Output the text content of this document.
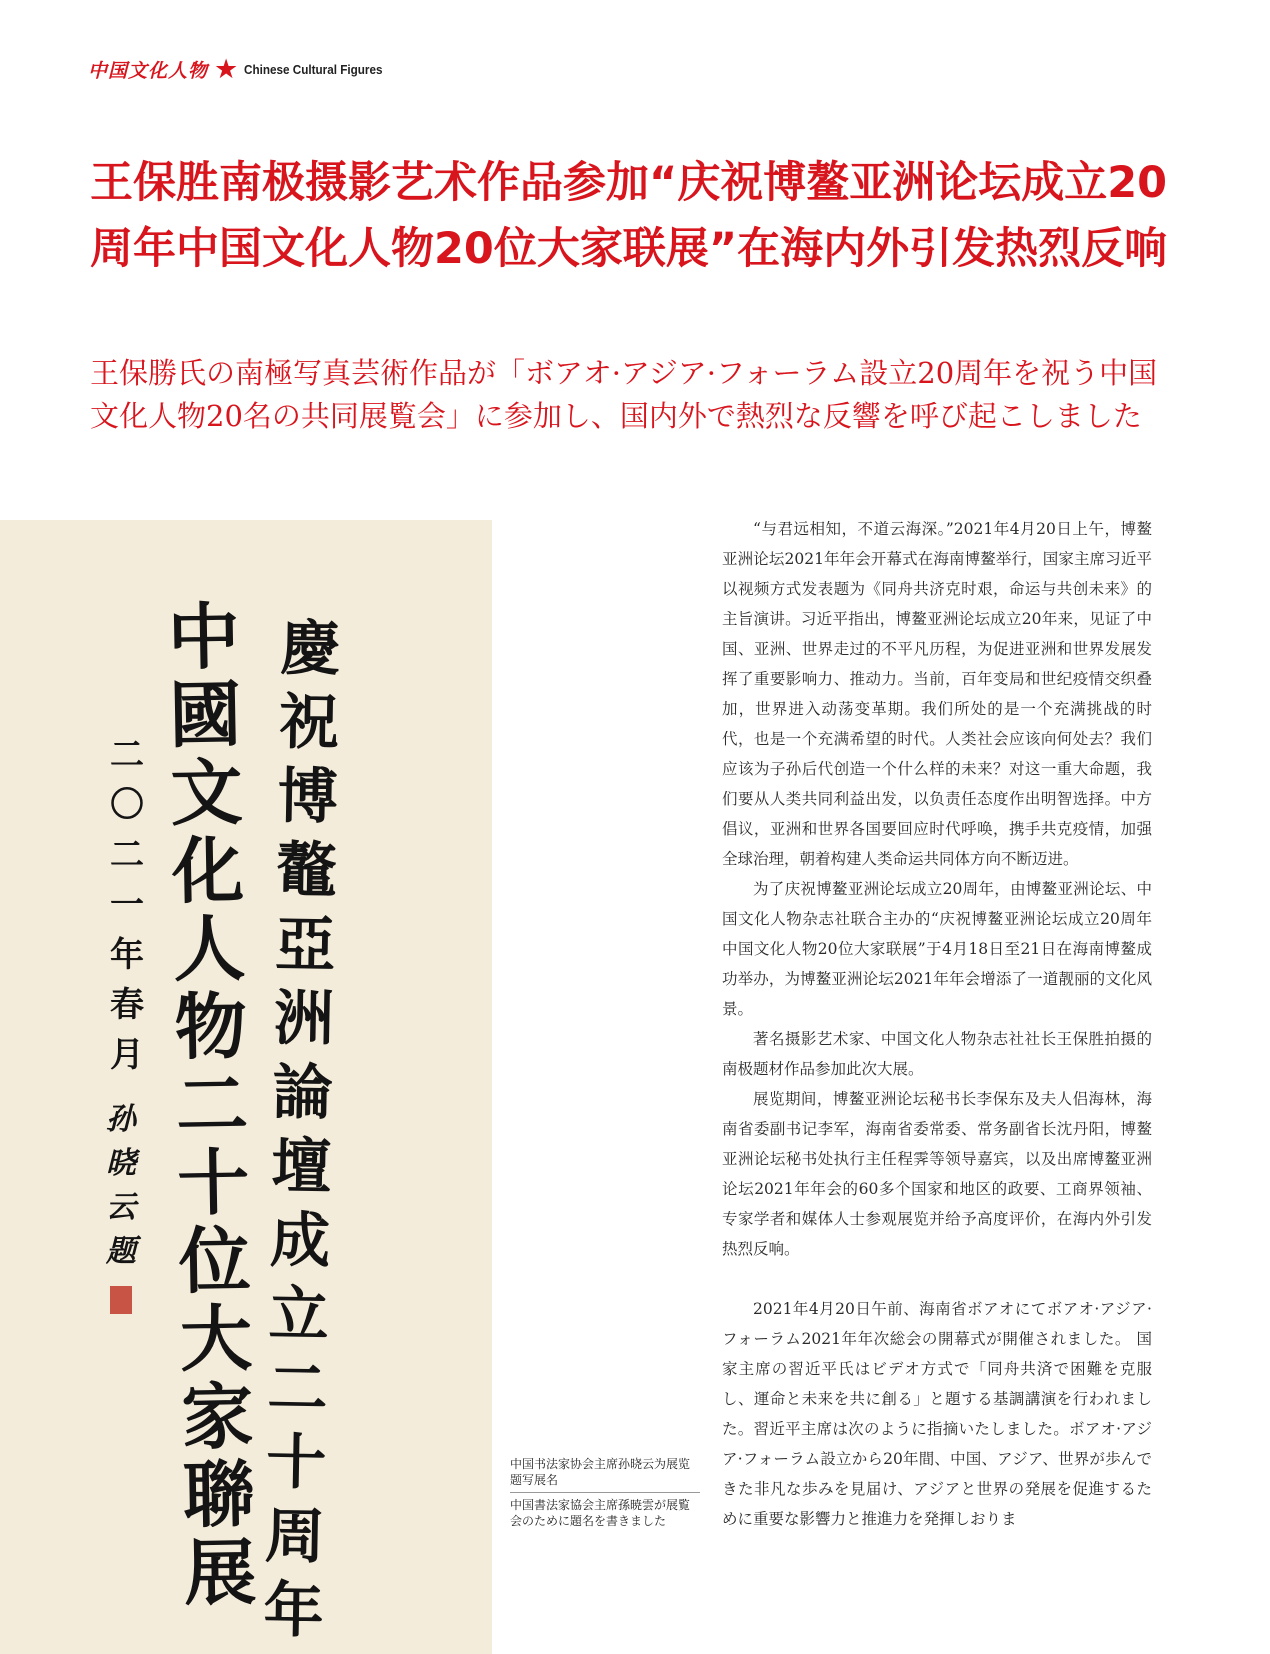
中国文化人物 ★ Chinese Cultural Figures
王保胜南极摄影艺术作品参加“庆祝博鳌亚洲论坛成立20周年中国文化人物20位大家联展”在海内外引发热烈反响
王保勝氏の南極写真芸術作品が「ボアオ·アジア·フォーラム設立20周年を祝う中国文化人物20名の共同展覧会」に参加し、国内外で熱烈な反響を呼び起こしました
慶
祝
博
鼇
亞
洲
論
壇
成
立
二
十
周
年
中
國
文
化
人
物
二
十
位
大
家
聯
展
二
〇
二
一
年
春
月
孙
晓
云
题
中国书法家协会主席孙晓云为展览题写展名
中国書法家協会主席孫暁雲が展覧会のために題名を書きました

“与君远相知，不道云海深。”2021年4月20日上午，博鳌亚洲论坛2021年年会开幕式在海南博鳌举行，国家主席习近平以视频方式发表题为《同舟共济克时艰，命运与共创未来》的主旨演讲。习近平指出，博鳌亚洲论坛成立20年来，见证了中国、亚洲、世界走过的不平凡历程，为促进亚洲和世界发展发挥了重要影响力、推动力。当前，百年变局和世纪疫情交织叠加，世界进入动荡变革期。我们所处的是一个充满挑战的时代，也是一个充满希望的时代。人类社会应该向何处去？我们应该为子孙后代创造一个什么样的未来？对这一重大命题，我们要从人类共同利益出发，以负责任态度作出明智选择。中方倡议，亚洲和世界各国要回应时代呼唤，携手共克疫情，加强全球治理，朝着构建人类命运共同体方向不断迈进。

为了庆祝博鳌亚洲论坛成立20周年，由博鳌亚洲论坛、中国文化人物杂志社联合主办的“庆祝博鳌亚洲论坛成立20周年中国文化人物20位大家联展”于4月18日至21日在海南博鳌成功举办，为博鳌亚洲论坛2021年年会增添了一道靓丽的文化风景。

著名摄影艺术家、中国文化人物杂志社社长王保胜拍摄的南极题材作品参加此次大展。

展览期间，博鳌亚洲论坛秘书长李保东及夫人侣海林，海南省委副书记李军，海南省委常委、常务副省长沈丹阳，博鳌亚洲论坛秘书处执行主任程霁等领导嘉宾，以及出席博鳌亚洲论坛2021年年会的60多个国家和地区的政要、工商界领袖、专家学者和媒体人士参观展览并给予高度评价，在海内外引发热烈反响。

2021年4月20日午前、海南省ボアオにてボアオ·アジア·フォーラム2021年年次総会の開幕式が開催されました。 国家主席の習近平氏はビデオ方式で「同舟共済で困難を克服し、運命と未来を共に創る」と題する基調講演を行われました。習近平主席は次のように指摘いたしました。ボアオ·アジア·フォーラム設立から20年間、中国、アジア、世界が歩んできた非凡な歩みを見届け、アジアと世界の発展を促進するために重要な影響力と推進力を発揮しおりま
